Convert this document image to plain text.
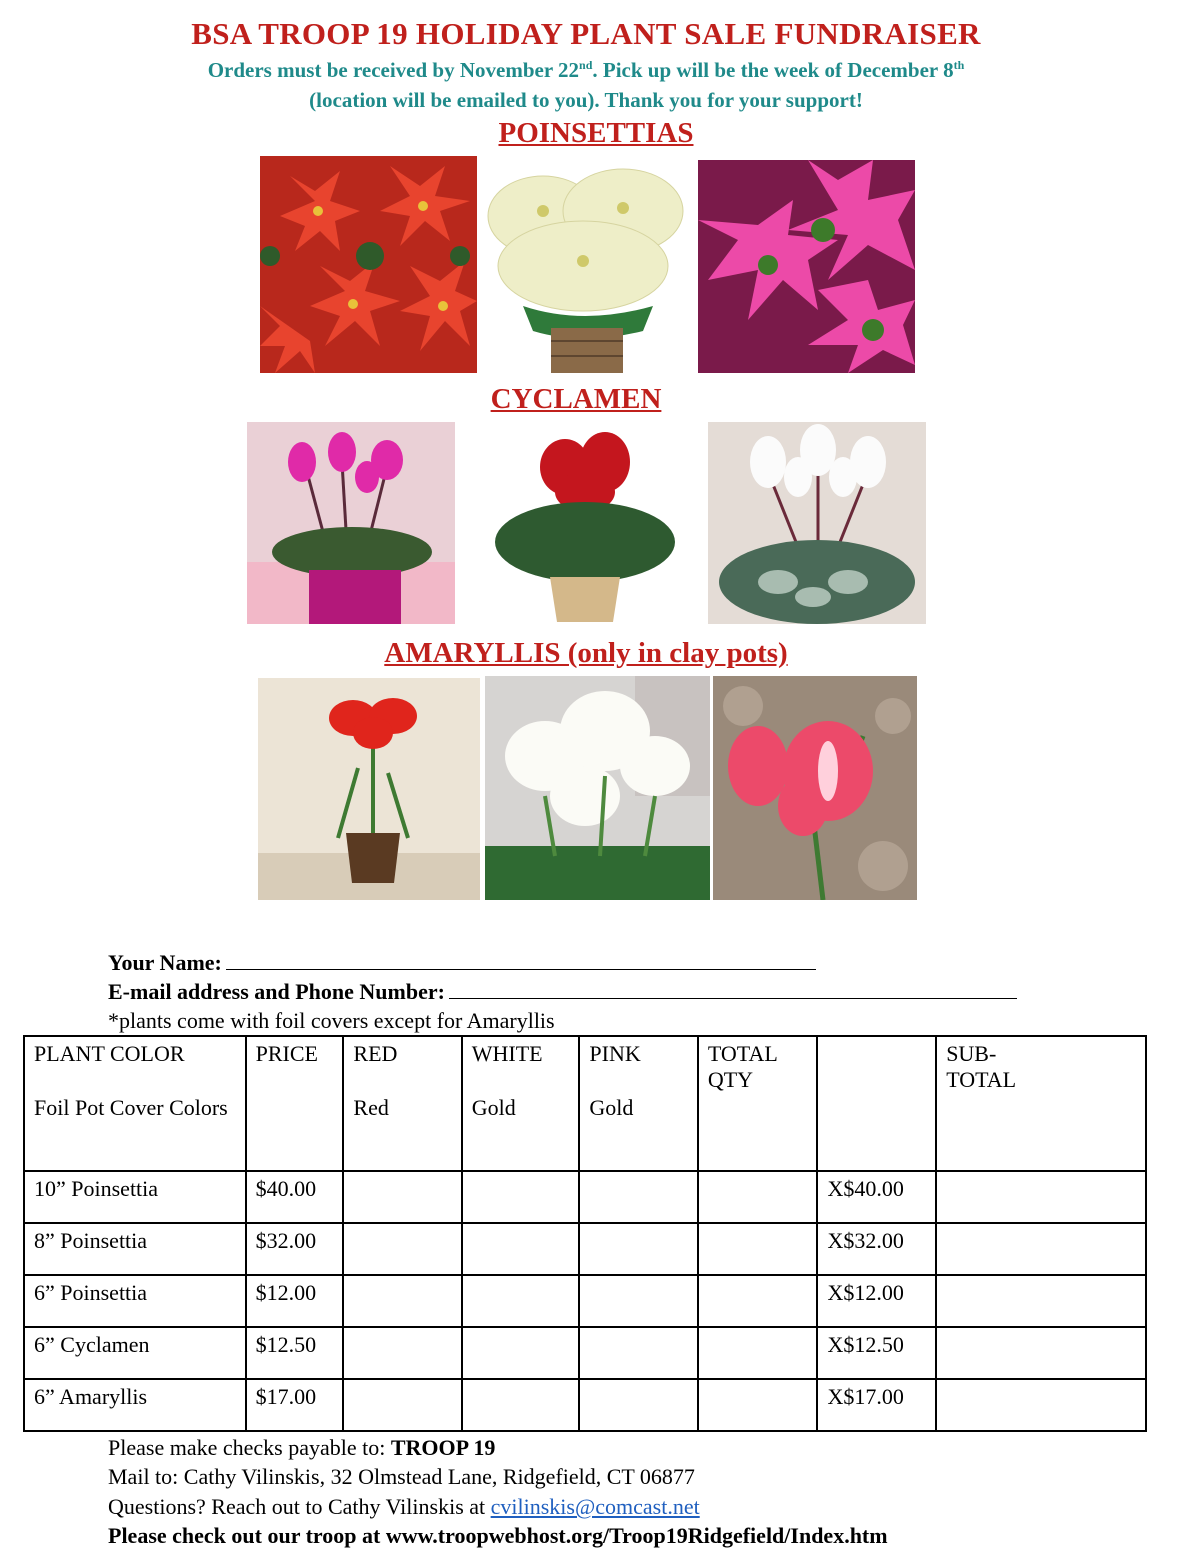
BSA TROOP 19 HOLIDAY PLANT SALE FUNDRAISER
Orders must be received by November 22nd. Pick up will be the week of December 8th
(location will be emailed to you). Thank you for your support!
POINSETTIAS
CYCLAMEN
AMARYLLIS (only in clay pots)
Your Name:
E-mail address and Phone Number:
*plants come with foil covers except for Amaryllis
PLANT COLOR	PRICE	RED	WHITE	PINK	TOTAL QTY		SUB-TOTAL
Foil Pot Cover Colors		Red	Gold	Gold			
10” Poinsettia	$40.00					X$40.00	
8” Poinsettia	$32.00					X$32.00	
6” Poinsettia	$12.00					X$12.00	
6” Cyclamen	$12.50					X$12.50	
6” Amaryllis	$17.00					X$17.00	
Please make checks payable to: TROOP 19
Mail to: Cathy Vilinskis, 32 Olmstead Lane, Ridgefield, CT 06877
Questions? Reach out to Cathy Vilinskis at cvilinskis@comcast.net
Please check out our troop at www.troopwebhost.org/Troop19Ridgefield/Index.htm
